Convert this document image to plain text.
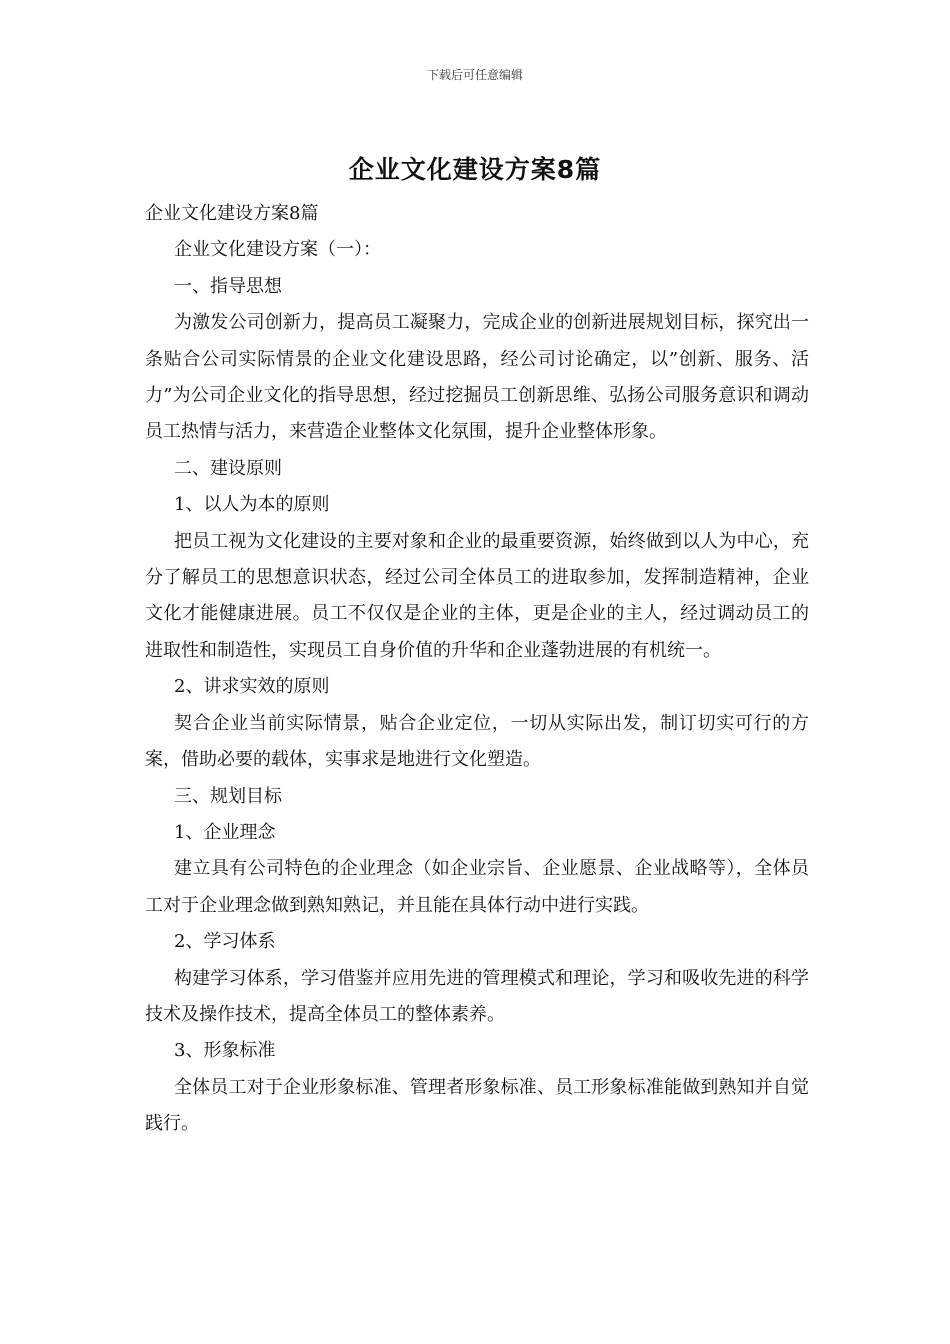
下载后可任意编辑
企业文化建设方案8篇

企业文化建设方案8篇

企业文化建设方案（一）：

一、指导思想

为激发公司创新力，提高员工凝聚力，完成企业的创新进展规划目标，探究出一条贴合公司实际情景的企业文化建设思路，经公司讨论确定，以”创新、服务、活力”为公司企业文化的指导思想，经过挖掘员工创新思维、弘扬公司服务意识和调动员工热情与活力，来营造企业整体文化氛围，提升企业整体形象。

二、建设原则

1、以人为本的原则

把员工视为文化建设的主要对象和企业的最重要资源，始终做到以人为中心，充分了解员工的思想意识状态，经过公司全体员工的进取参加，发挥制造精神，企业文化才能健康进展。员工不仅仅是企业的主体，更是企业的主人，经过调动员工的进取性和制造性，实现员工自身价值的升华和企业蓬勃进展的有机统一。

2、讲求实效的原则

契合企业当前实际情景，贴合企业定位，一切从实际出发，制订切实可行的方案，借助必要的载体，实事求是地进行文化塑造。

三、规划目标

1、企业理念

建立具有公司特色的企业理念（如企业宗旨、企业愿景、企业战略等），全体员工对于企业理念做到熟知熟记，并且能在具体行动中进行实践。

2、学习体系

构建学习体系，学习借鉴并应用先进的管理模式和理论，学习和吸收先进的科学技术及操作技术，提高全体员工的整体素养。

3、形象标准

全体员工对于企业形象标准、管理者形象标准、员工形象标准能做到熟知并自觉践行。
